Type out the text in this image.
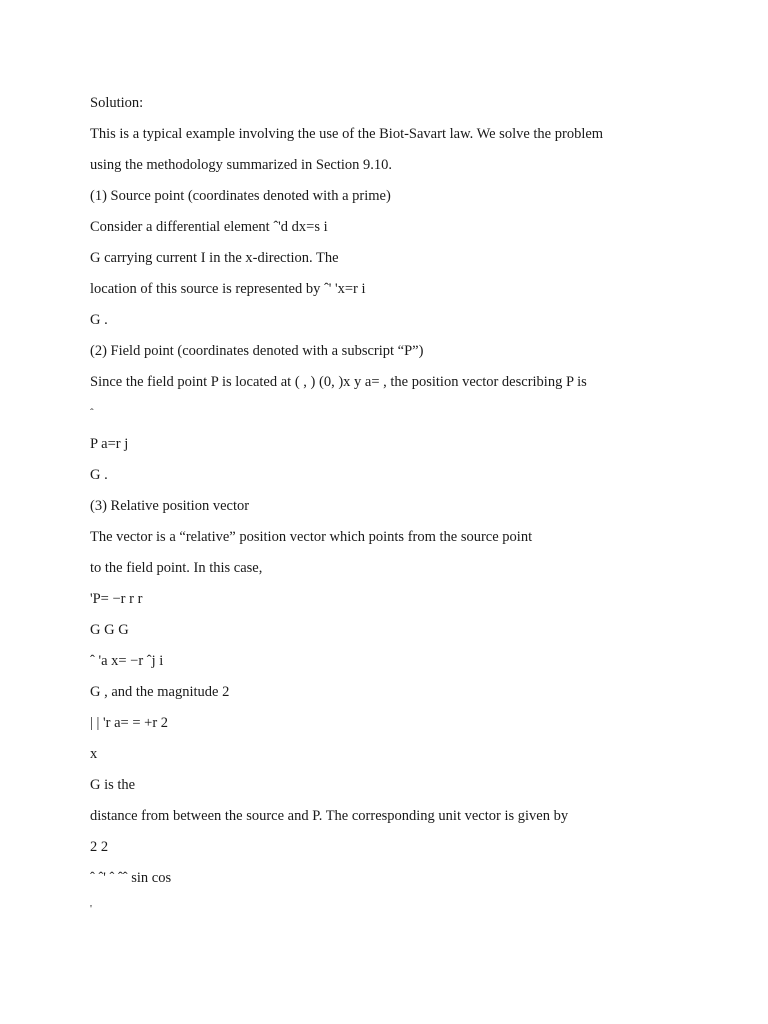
Solution:
This is a typical example involving the use of the Biot-Savart law. We solve the problem
using the methodology summarized in Section 9.10.
(1) Source point (coordinates denoted with a prime)
Consider a differential element ˆ'd dx=s i
G carrying current I in the x-direction. The
location of this source is represented by ˆ' 'x=r i
G .
(2) Field point (coordinates denoted with a subscript “P”)
Since the field point P is located at ( , ) (0, )x y a= , the position vector describing P is
ˆ
P a=r j
G .
(3) Relative position vector
The vector is a “relative” position vector which points from the source point
to the field point. In this case,
'P= −r r r
G G G
ˆ 'a x= −r ˆj i
G , and the magnitude 2
| | 'r a= = +r 2
x
G is the
distance from between the source and P. The corresponding unit vector is given by
2 2
ˆ ˆ' ˆ ˆˆ sin cos
'
